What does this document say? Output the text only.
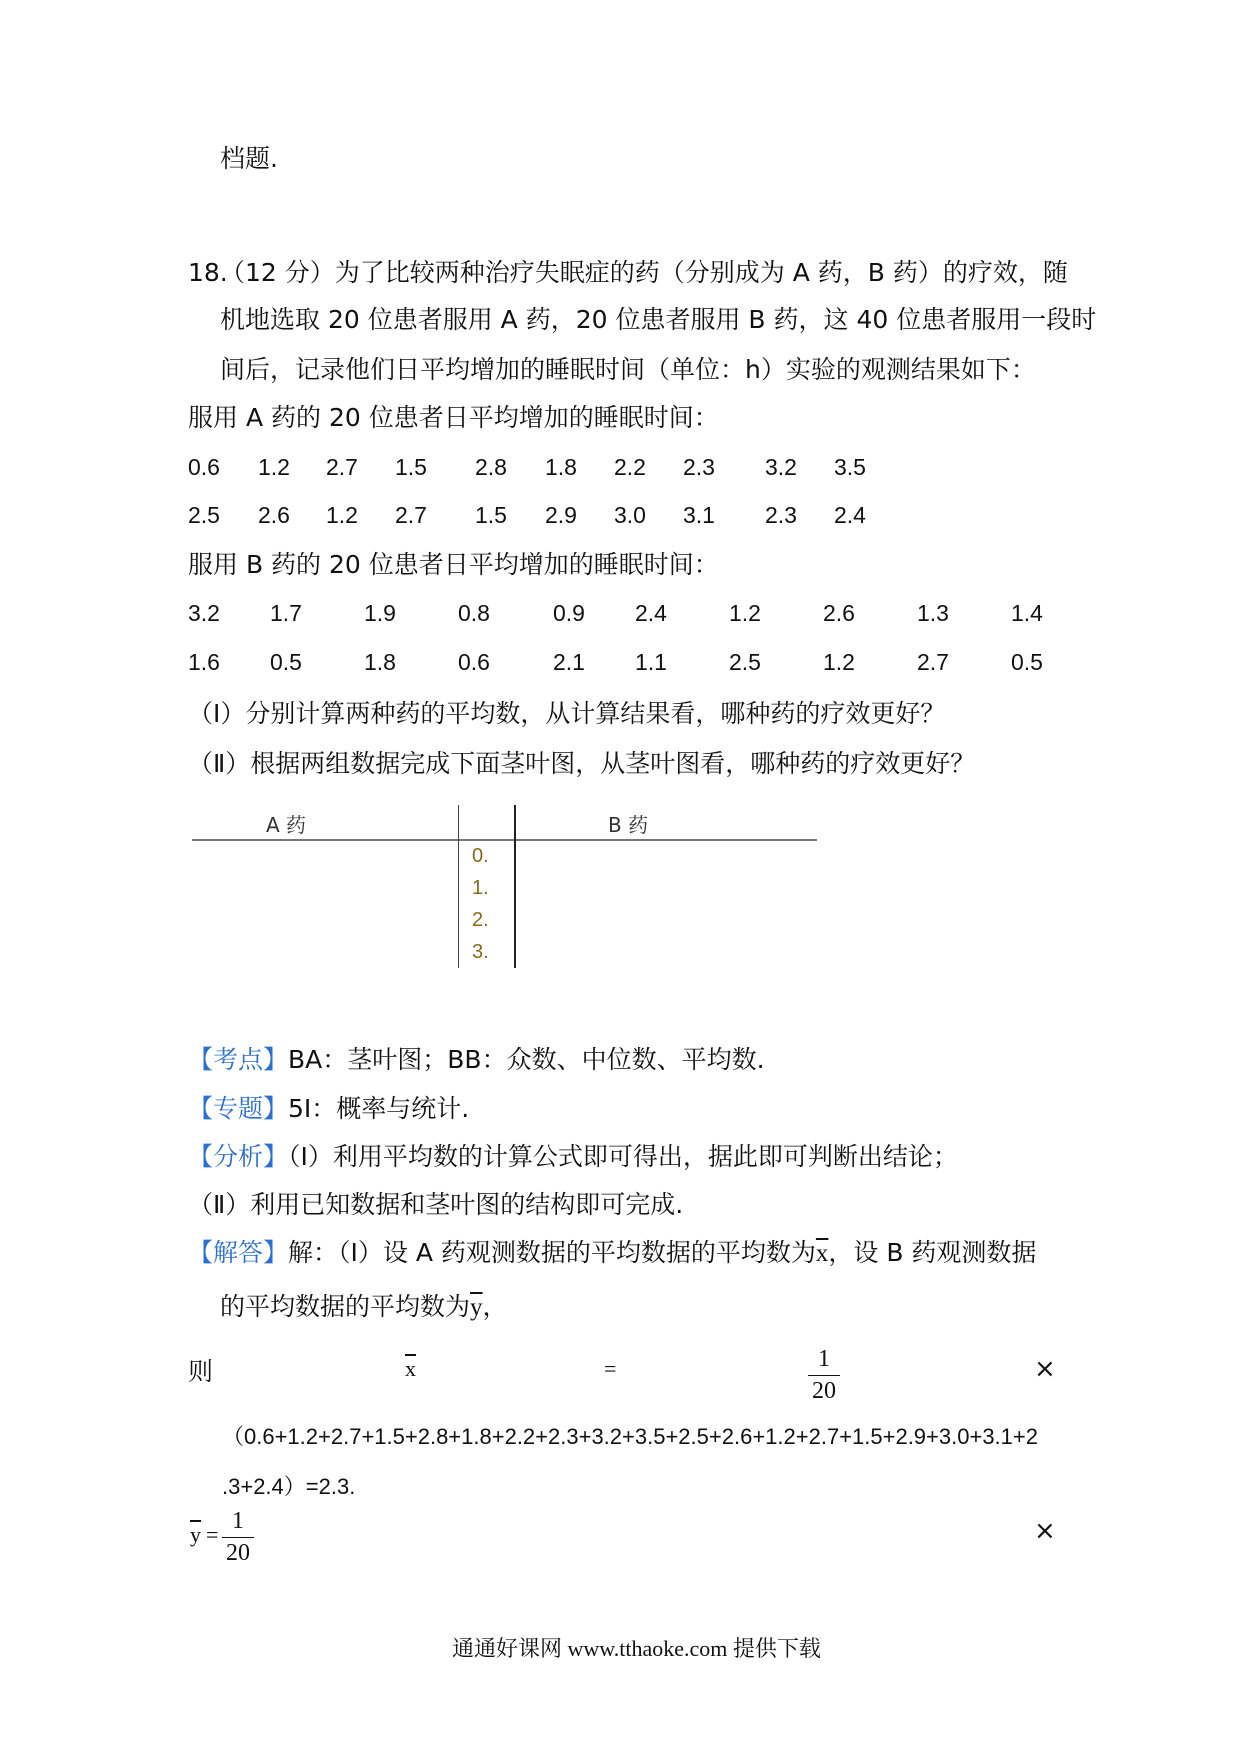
档题.
18.
（12 分）为了比较两种治疗失眠症的药（分别成为 A 药，B 药）的疗效，随
机地选取 20 位患者服用 A 药，20 位患者服用 B 药，这 40 位患者服用一段时
间后，记录他们日平均增加的睡眠时间（单位：h）实验的观测结果如下：
服用 A 药的 20 位患者日平均增加的睡眠时间：
0.6 1.2 2.7 1.5 2.8 1.8 2.2 2.3 3.2 3.5
2.5 2.6 1.2 2.7 1.5 2.9 3.0 3.1 2.3 2.4
服用 B 药的 20 位患者日平均增加的睡眠时间：
3.2 1.7	1.9	0.8	0.9 2.4	1.2	2.6	1.3	1.4
1.6 0.5	1.8	0.6	2.1 1.1	2.5	1.2	2.7	0.5
（Ⅰ）分别计算两种药的平均数，从计算结果看，哪种药的疗效更好？
（Ⅱ）根据两组数据完成下面茎叶图，从茎叶图看，哪种药的疗效更好？
A 药	B 药
0.
1.
2.
3.
【考点】BA：茎叶图；BB：众数、中位数、平均数.
【专题】5I：概率与统计.
【分析】（Ⅰ）利用平均数的计算公式即可得出，据此即可判断出结论；
（Ⅱ）利用已知数据和茎叶图的结构即可完成.
【解答】解：（Ⅰ）设 A 药观测数据的平均数据的平均数为$\overline{x}$，设 B 药观测数据
的平均数据的平均数为$\overline{y}$，
则	$\overline{x}$	=	1
20
×
（0.6+1.2+2.7+1.5+2.8+1.8+2.2+2.3+3.2+3.5+2.5+2.6+1.2+2.7+1.5+2.9+3.0+3.1+2
.3+2.4）=2.3.
$\overline{y}$ =
1
20
×
通通好课网 www.tthaoke.com 提供下载
